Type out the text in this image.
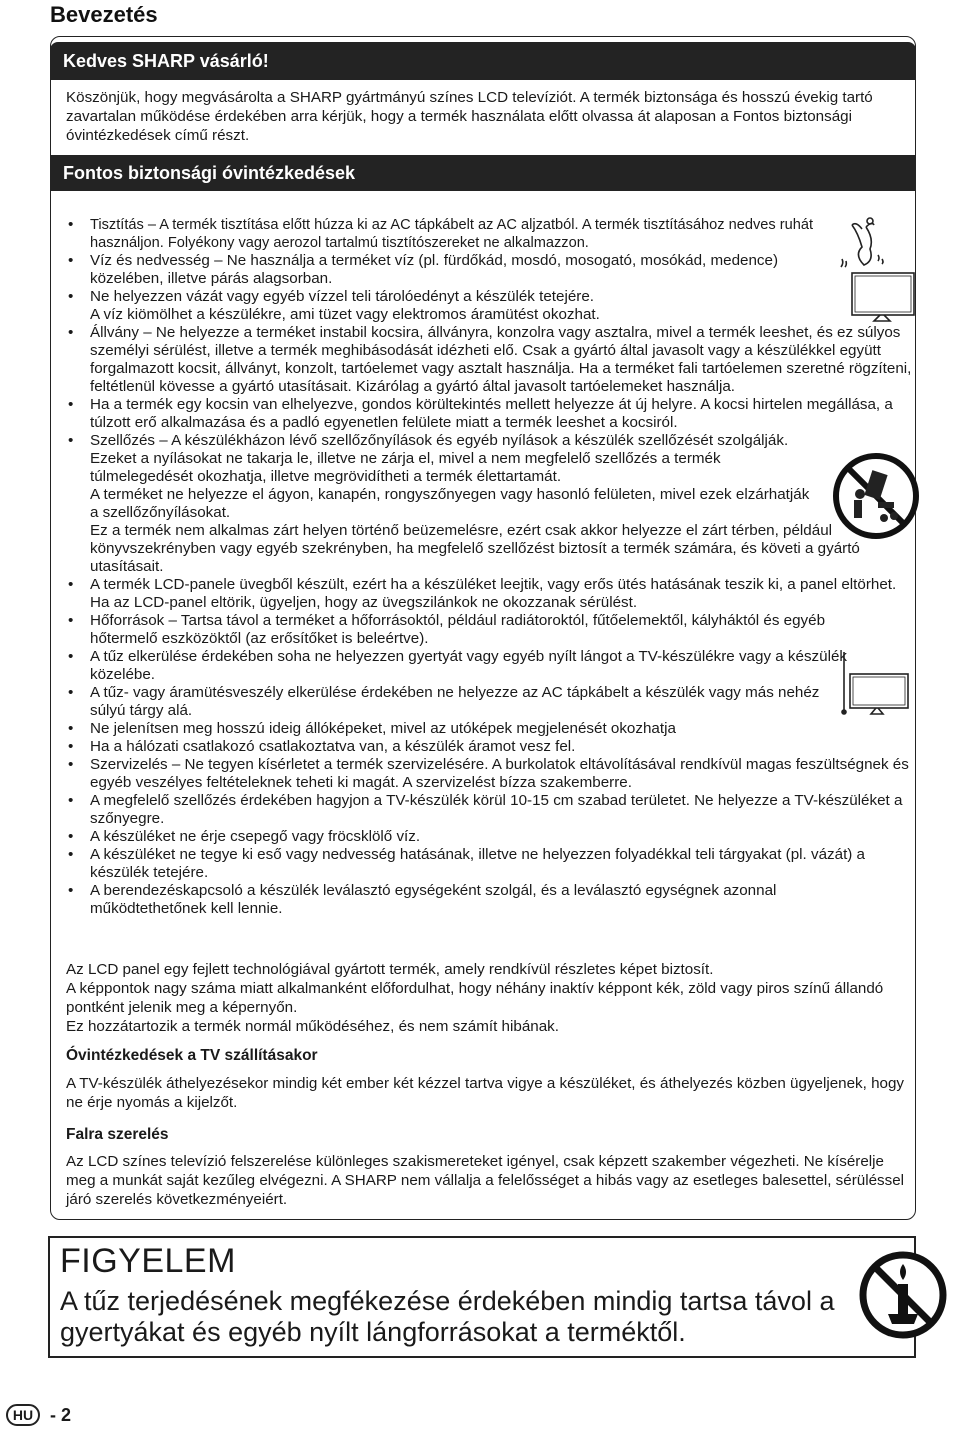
Bevezetés
Kedves SHARP vásárló!
Köszönjük, hogy megvásárolta a SHARP gyártmányú színes LCD televíziót. A termék biztonsága és hosszú évekig tartó zavartalan működése érdekében arra kérjük, hogy a termék használata előtt olvassa át alaposan a Fontos biztonsági óvintézkedések című részt.
Fontos biztonsági óvintézkedések
• Tisztítás – A termék tisztítása előtt húzza ki az AC tápkábelt az AC aljzatból. A termék tisztításához nedves ruhát használjon. Folyékony vagy aerozol tartalmú tisztítószereket ne alkalmazzon.
• Víz és nedvesség – Ne használja a terméket víz (pl. fürdőkád, mosdó, mosogató, mosókád, medence) közelében, illetve párás alagsorban.
• Ne helyezzen vázát vagy egyéb vízzel teli tárolóedényt a készülék tetejére.
A víz kiömölhet a készülékre, ami tüzet vagy elektromos áramütést okozhat.
• Állvány – Ne helyezze a terméket instabil kocsira, állványra, konzolra vagy asztalra, mivel a termék leeshet, és ez súlyos személyi sérülést, illetve a termék meghibásodását idézheti elő. Csak a gyártó által javasolt vagy a készülékkel együtt forgalmazott kocsit, állványt, konzolt, tartóelemet vagy asztalt használja. Ha a terméket fali tartóelemen szeretné rögzíteni, feltétlenül kövesse a gyártó utasításait. Kizárólag a gyártó által javasolt tartóelemeket használja.
• Ha a termék egy kocsin van elhelyezve, gondos körültekintés mellett helyezze át új helyre. A kocsi hirtelen megállása, a túlzott erő alkalmazása és a padló egyenetlen felülete miatt a termék leeshet a kocsiról.
• Szellőzés – A készülékházon lévő szellőzőnyílások és egyéb nyílások a készülék szellőzését szolgálják. Ezeket a nyílásokat ne takarja le, illetve ne zárja el, mivel a nem megfelelő szellőzés a termék túlmelegedését okozhatja, illetve megrövidítheti a termék élettartamát.
A terméket ne helyezze el ágyon, kanapén, rongyszőnyegen vagy hasonló felületen, mivel ezek elzárhatják a szellőzőnyílásokat.
Ez a termék nem alkalmas zárt helyen történő beüzemelésre, ezért csak akkor helyezze el zárt térben, például könyvszekrényben vagy egyéb szekrényben, ha megfelelő szellőzést biztosít a termék számára, és követi a gyártó utasításait.
• A termék LCD-panele üvegből készült, ezért ha a készüléket leejtik, vagy erős ütés hatásának teszik ki, a panel eltörhet. Ha az LCD-panel eltörik, ügyeljen, hogy az üvegszilánkok ne okozzanak sérülést.
• Hőforrások – Tartsa távol a terméket a hőforrásoktól, például radiátoroktól, fűtőelemektől, kályháktól és egyéb hőtermelő eszközöktől (az erősítőket is beleértve).
• A tűz elkerülése érdekében soha ne helyezzen gyertyát vagy egyéb nyílt lángot a TV-készülékre vagy a készülék közelébe.
• A tűz- vagy áramütésveszély elkerülése érdekében ne helyezze az AC tápkábelt a készülék vagy más nehéz súlyú tárgy alá.
• Ne jelenítsen meg hosszú ideig állóképeket, mivel az utóképek megjelenését okozhatja
• Ha a hálózati csatlakozó csatlakoztatva van, a készülék áramot vesz fel.
• Szervizelés – Ne tegyen kísérletet a termék szervizelésére. A burkolatok eltávolításával rendkívül magas feszültségnek és egyéb veszélyes feltételeknek teheti ki magát. A szervizelést bízza szakemberre.
• A megfelelő szellőzés érdekében hagyjon a TV-készülék körül 10-15 cm szabad területet. Ne helyezze a TV-készüléket a szőnyegre.
• A készüléket ne érje csepegő vagy fröcsklölő víz.
• A készüléket ne tegye ki eső vagy nedvesség hatásának, illetve ne helyezzen folyadékkal teli tárgyakat (pl. vázát) a készülék tetejére.
• A berendezéskapcsoló a készülék leválasztó egységeként szolgál, és a leválasztó egységnek azonnal működtethetőnek kell lennie.
Az LCD panel egy fejlett technológiával gyártott termék, amely rendkívül részletes képet biztosít.
A képpontok nagy száma miatt alkalmanként előfordulhat, hogy néhány inaktív képpont kék, zöld vagy piros színű állandó pontként jelenik meg a képernyőn.
Ez hozzátartozik a termék normál működéséhez, és nem számít hibának.
Óvintézkedések a TV szállításakor
A TV-készülék áthelyezésekor mindig két ember két kézzel tartva vigye a készüléket, és áthelyezés közben ügyeljenek, hogy ne érje nyomás a kijelzőt.
Falra szerelés
Az LCD színes televízió felszerelése különleges szakismereteket igényel, csak képzett szakember végezheti. Ne kísérelje meg a munkát saját kezűleg elvégezni. A SHARP nem vállalja a felelősséget a hibás vagy az esetleges balesettel, sérüléssel járó szerelés következményeiért.
FIGYELEM
A tűz terjedésének megfékezése érdekében mindig tartsa távol a gyertyákat és egyéb nyílt lángforrásokat a terméktől.
HU - 2
